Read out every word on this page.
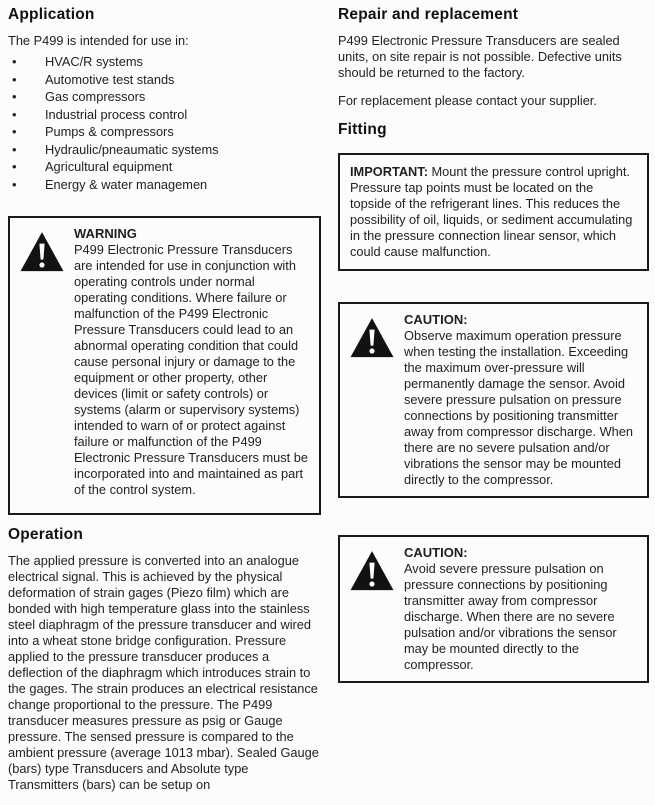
Application

The P499 is intended for use in:

• HVAC/R systems
• Automotive test stands
• Gas compressors
• Industrial process control
• Pumps & compressors
• Hydraulic/pneaumatic systems
• Agricultural equipment
• Energy & water managemen

WARNING

P499 Electronic Pressure Transducers are intended for use in conjunction with operating controls under normal operating conditions. Where failure or malfunction of the P499 Electronic Pressure Transducers could lead to an abnormal operating condition that could cause personal injury or damage to the equipment or other property, other devices (limit or safety controls) or systems (alarm or supervisory systems) intended to warn of or protect against failure or malfunction of the P499 Electronic Pressure Transducers must be incorporated into and maintained as part of the control system.

Operation

The applied pressure is converted into an analogue electrical signal. This is achieved by the physical deformation of strain gages (Piezo film) which are bonded with high temperature glass into the stainless steel diaphragm of the pressure transducer and wired into a wheat stone bridge configuration. Pressure applied to the pressure transducer produces a deflection of the diaphragm which introduces strain to the gages. The strain produces an electrical resistance change proportional to the pressure. The P499 transducer measures pressure as psig or Gauge pressure. The sensed pressure is compared to the ambient pressure (average 1013 mbar). Sealed Gauge (bars) type Transducers and Absolute type Transmitters (bars) can be setup on

Repair and replacement

P499 Electronic Pressure Transducers are sealed units, on site repair is not possible. Defective units should be returned to the factory.

For replacement please contact your supplier.

Fitting

IMPORTANT: Mount the pressure control upright. Pressure tap points must be located on the topside of the refrigerant lines. This reduces the possibility of oil, liquids, or sediment accumulating in the pressure connection linear sensor, which could cause malfunction.

CAUTION:

Observe maximum operation pressure when testing the installation. Exceeding the maximum over-pressure will permanently damage the sensor. Avoid severe pressure pulsation on pressure connections by positioning transmitter away from compressor discharge. When there are no severe pulsation and/or vibrations the sensor may be mounted directly to the compressor.

CAUTION:

Avoid severe pressure pulsation on pressure connections by positioning transmitter away from compressor discharge. When there are no severe pulsation and/or vibrations the sensor may be mounted directly to the compressor.
